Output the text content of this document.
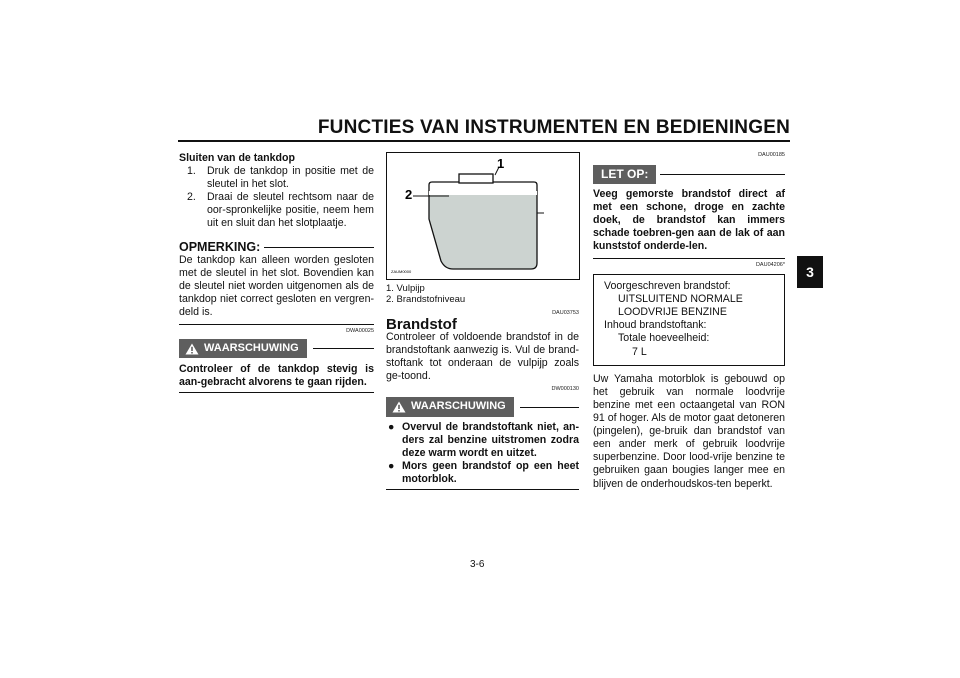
FUNCTIES VAN INSTRUMENTEN EN BEDIENINGEN
3
Sluiten van de tankdop
1.	Druk de tankdop in positie met de sleutel in het slot.
2.	Draai de sleutel rechtsom naar de oor-spronkelijke positie, neem hem uit en sluit dan het slotplaatje.
OPMERKING:
De tankdop kan alleen worden gesloten met de sleutel in het slot. Bovendien kan de sleutel niet worden uitgenomen als de tankdop niet correct gesloten en vergren-deld is.
DWA00025
WAARSCHUWING
Controleer of de tankdop stevig is aan-gebracht alvorens te gaan rijden.
2
1
ZAUM0000
1. Vulpijp
2. Brandstofniveau
DAU03753
Brandstof
Controleer of voldoende brandstof in de brandstoftank aanwezig is. Vul de brand-stoftank tot onderaan de vulpijp zoals ge-toond.
DW000130
WAARSCHUWING
● Overvul de brandstoftank niet, an-ders zal benzine uitstromen zodra deze warm wordt en uitzet.
● Mors geen brandstof op een heet motorblok.
DAU00185
LET OP:
Veeg gemorste brandstof direct af met een schone, droge en zachte doek, de brandstof kan immers schade toebren-gen aan de lak of aan kunststof onderde-len.
DAU04206*
Voorgeschreven brandstof:
UITSLUITEND NORMALE
LOODVRIJE BENZINE
Inhoud brandstoftank:
Totale hoeveelheid:
7 L
Uw Yamaha motorblok is gebouwd op het gebruik van normale loodvrije benzine met een octaangetal van RON 91 of hoger. Als de motor gaat detoneren (pingelen), ge-bruik dan brandstof van een ander merk of gebruik loodvrije superbenzine. Door lood-vrije benzine te gebruiken gaan bougies langer mee en blijven de onderhoudskos-ten beperkt.
3-6
